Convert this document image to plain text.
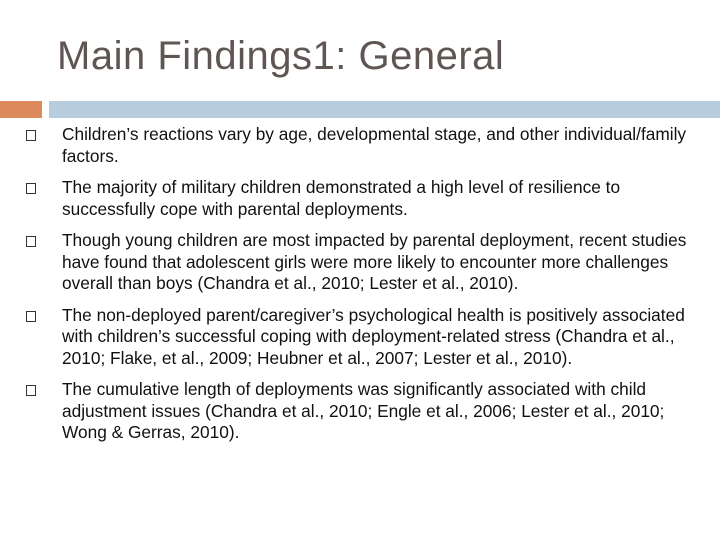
Main Findings1: General
Children’s reactions vary by age, developmental stage, and other individual/family factors.
The majority of military children demonstrated a high level of resilience to successfully cope with parental deployments.
Though young children are most impacted by parental deployment, recent studies have found that adolescent girls were more likely to encounter more challenges overall than boys (Chandra et al., 2010; Lester et al., 2010).
The non-deployed parent/caregiver’s psychological health is positively associated with children’s successful coping with deployment-related stress (Chandra et al., 2010; Flake, et al., 2009; Heubner et al., 2007; Lester et al., 2010).
The cumulative length of deployments was significantly associated with child adjustment issues (Chandra et al., 2010; Engle et al., 2006; Lester et al., 2010; Wong & Gerras, 2010).
